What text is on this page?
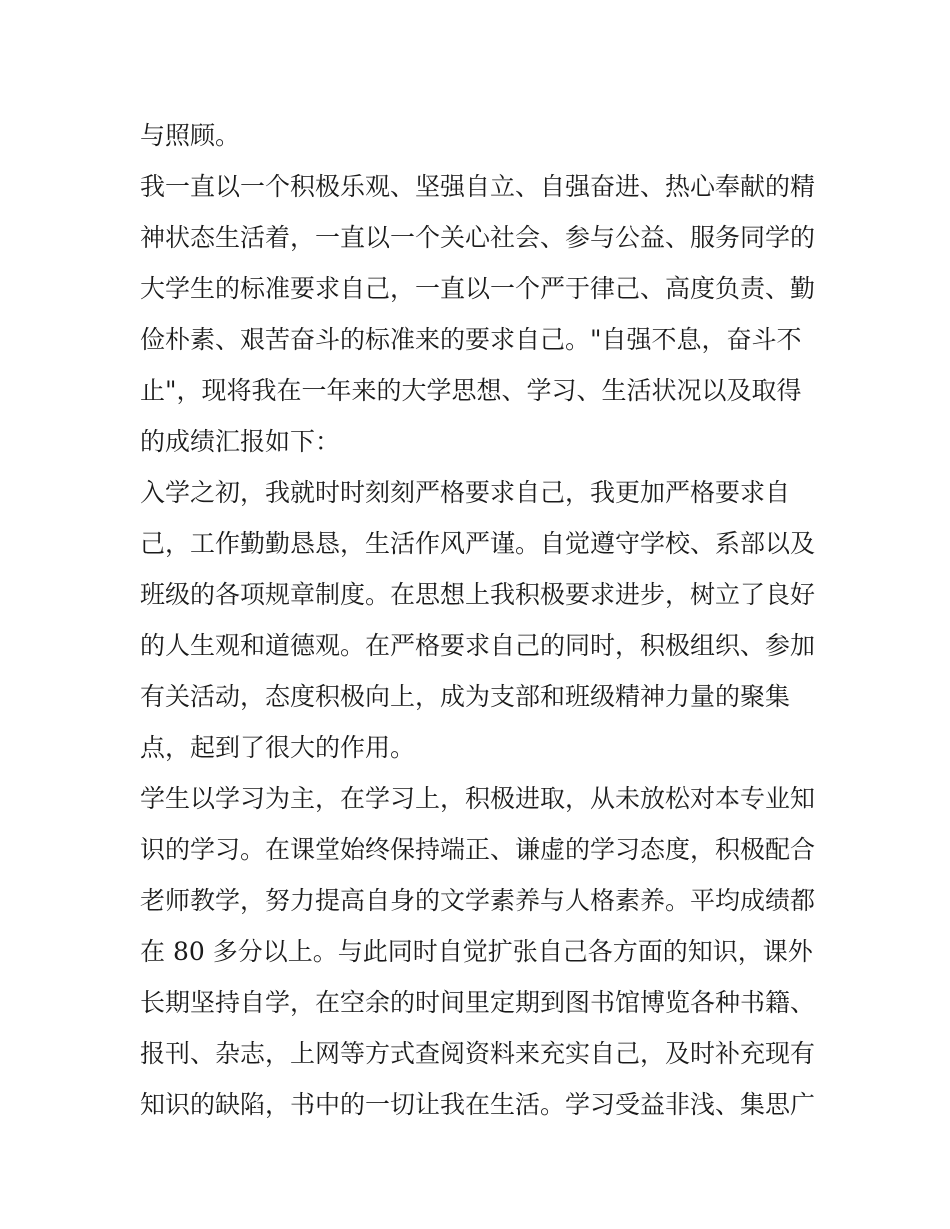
与照顾。
我一直以一个积极乐观、坚强自立、自强奋进、热心奉献的精
神状态生活着，一直以一个关心社会、参与公益、服务同学的
大学生的标准要求自己，一直以一个严于律己、高度负责、勤
俭朴素、艰苦奋斗的标准来的要求自己。"自强不息，奋斗不
止"，现将我在一年来的大学思想、学习、生活状况以及取得
的成绩汇报如下：
入学之初，我就时时刻刻严格要求自己，我更加严格要求自
己，工作勤勤恳恳，生活作风严谨。自觉遵守学校、系部以及
班级的各项规章制度。在思想上我积极要求进步，树立了良好
的人生观和道德观。在严格要求自己的同时，积极组织、参加
有关活动，态度积极向上，成为支部和班级精神力量的聚集
点，起到了很大的作用。
学生以学习为主，在学习上，积极进取，从未放松对本专业知
识的学习。在课堂始终保持端正、谦虚的学习态度，积极配合
老师教学，努力提高自身的文学素养与人格素养。平均成绩都
在 80 多分以上。与此同时自觉扩张自己各方面的知识，课外
长期坚持自学，在空余的时间里定期到图书馆博览各种书籍、
报刊、杂志，上网等方式查阅资料来充实自己，及时补充现有
知识的缺陷，书中的一切让我在生活。学习受益非浅、集思广
